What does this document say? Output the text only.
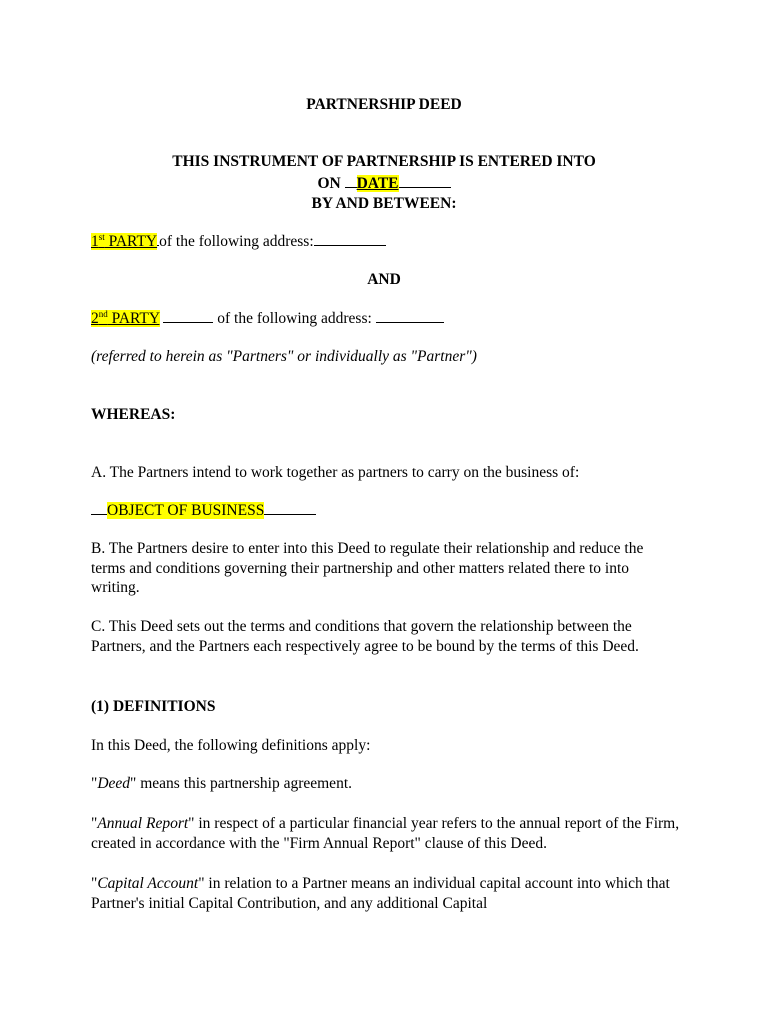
PARTNERSHIP DEED
THIS INSTRUMENT OF PARTNERSHIP IS ENTERED INTO
ON DATE
BY AND BETWEEN:
1st PARTY of the following address:
AND
2nd PARTY	of the following address:
(referred to herein as "Partners" or individually as "Partner")
WHEREAS:
A. The Partners intend to work together as partners to carry on the business of:
OBJECT OF BUSINESS
B. The Partners desire to enter into this Deed to regulate their relationship and reduce the terms and conditions governing their partnership and other matters related there to into writing.
C. This Deed sets out the terms and conditions that govern the relationship between the Partners, and the Partners each respectively agree to be bound by the terms of this Deed.
(1) DEFINITIONS
In this Deed, the following definitions apply:
"Deed" means this partnership agreement.
"Annual Report" in respect of a particular financial year refers to the annual report of the Firm, created in accordance with the "Firm Annual Report" clause of this Deed.
"Capital Account" in relation to a Partner means an individual capital account into which that Partner's initial Capital Contribution, and any additional Capital
